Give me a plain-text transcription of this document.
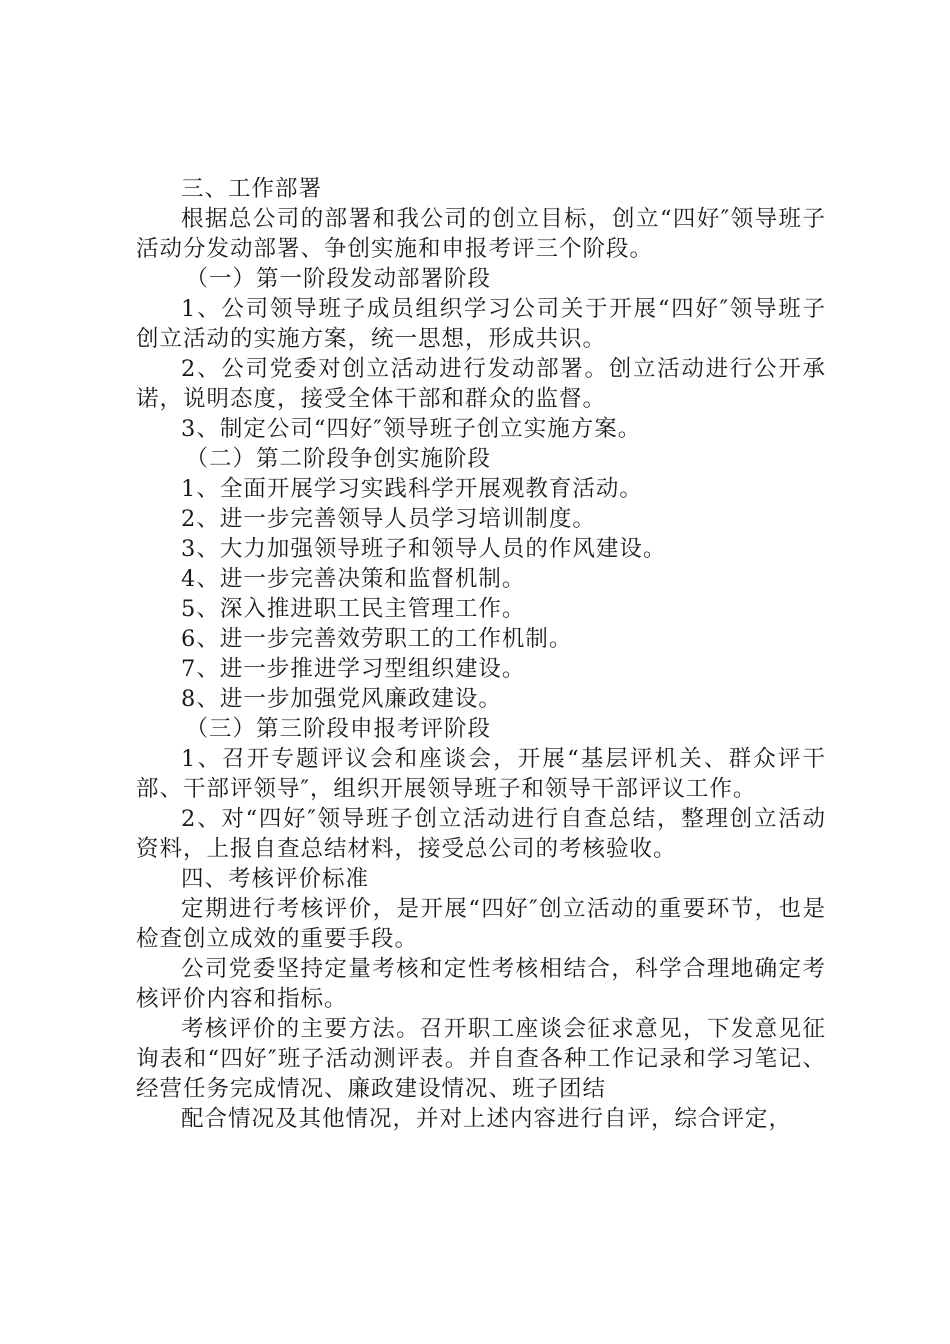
三、工作部署

根据总公司的部署和我公司的创立目标，创立“四好″领导班子活动分发动部署、争创实施和申报考评三个阶段。

（一）第一阶段发动部署阶段

1、公司领导班子成员组织学习公司关于开展“四好″领导班子创立活动的实施方案，统一思想，形成共识。

2、公司党委对创立活动进行发动部署。创立活动进行公开承诺，说明态度，接受全体干部和群众的监督。

3、制定公司“四好″领导班子创立实施方案。

（二）第二阶段争创实施阶段

1、全面开展学习实践科学开展观教育活动。

2、进一步完善领导人员学习培训制度。

3、大力加强领导班子和领导人员的作风建设。

4、进一步完善决策和监督机制。

5、深入推进职工民主管理工作。

6、进一步完善效劳职工的工作机制。

7、进一步推进学习型组织建设。

8、进一步加强党风廉政建设。

（三）第三阶段申报考评阶段

1、召开专题评议会和座谈会，开展“基层评机关、群众评干部、干部评领导″，组织开展领导班子和领导干部评议工作。

2、对“四好″领导班子创立活动进行自查总结，整理创立活动资料，上报自查总结材料，接受总公司的考核验收。

四、考核评价标准

定期进行考核评价，是开展“四好″创立活动的重要环节，也是检查创立成效的重要手段。

公司党委坚持定量考核和定性考核相结合，科学合理地确定考核评价内容和指标。

考核评价的主要方法。召开职工座谈会征求意见，下发意见征询表和“四好″班子活动测评表。并自查各种工作记录和学习笔记、经营任务完成情况、廉政建设情况、班子团结

配合情况及其他情况，并对上述内容进行自评，综合评定，
